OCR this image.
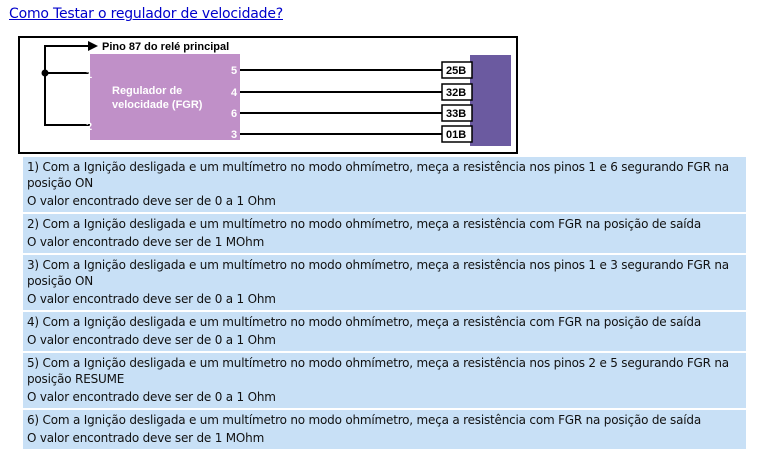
Como Testar o regulador de velocidade?
Pino 87 do relé principal
Regulador de
velocidade (FGR)
1
2
5
4
6
3
25B
32B
33B
01B

1) Com a Ignição desligada e um multímetro no modo ohmímetro, meça a resistência nos pinos 1 e 6 segurando FGR na posição ON

O valor encontrado deve ser de 0 a 1 Ohm

2) Com a Ignição desligada e um multímetro no modo ohmímetro, meça a resistência com FGR na posição de saída

O valor encontrado deve ser de 1 MOhm

3) Com a Ignição desligada e um multímetro no modo ohmímetro, meça a resistência nos pinos 1 e 3 segurando FGR na posição ON

O valor encontrado deve ser de 0 a 1 Ohm

4) Com a Ignição desligada e um multímetro no modo ohmímetro, meça a resistência com FGR na posição de saída

O valor encontrado deve ser de 0 a 1 Ohm

5) Com a Ignição desligada e um multímetro no modo ohmímetro, meça a resistência nos pinos 2 e 5 segurando FGR na posição RESUME

O valor encontrado deve ser de 0 a 1 Ohm

6) Com a Ignição desligada e um multímetro no modo ohmímetro, meça a resistência com FGR na posição de saída

O valor encontrado deve ser de 1 MOhm
